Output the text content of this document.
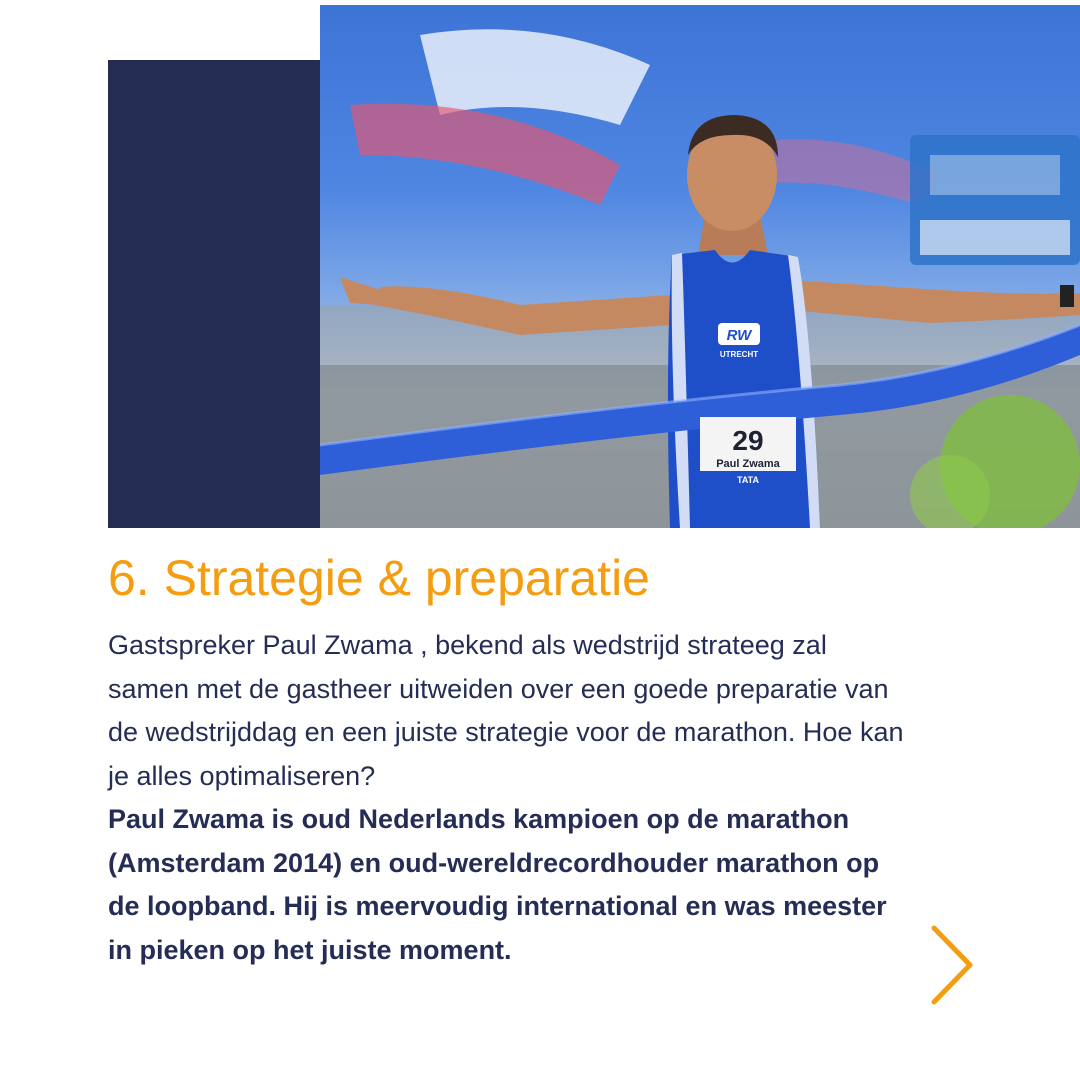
RW
UTRECHT
29
Paul Zwama
TATA
6. Strategie & preparatie

Gastspreker Paul Zwama , bekend als wedstrijd strateeg zal samen met de gastheer uitweiden over een goede preparatie van de wedstrijddag en een juiste strategie voor de marathon. Hoe kan je alles optimaliseren?

Paul Zwama is oud Nederlands kampioen op de marathon (Amsterdam 2014) en oud-wereldrecordhouder marathon op de loopband. Hij is meervoudig international en was meester in pieken op het juiste moment.
